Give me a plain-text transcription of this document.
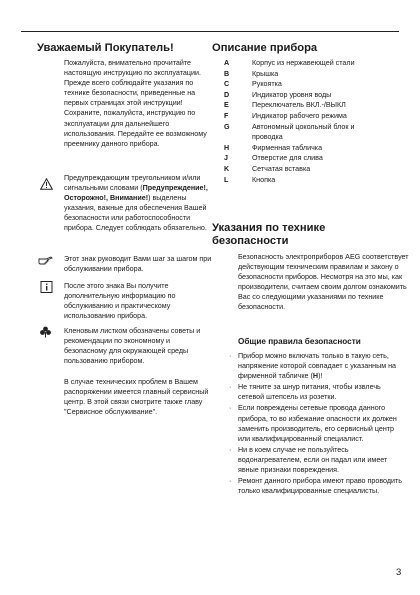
Уважаемый Покупатель!

Пожалуйста, внимательно прочитайте настоящую инструкцию по эксплуатации. Прежде всего соблюдайте указания по технике безопасности, приведенные на первых страницах этой инструкции! Сохраните, пожалуйста, инструкцию по эксплуатации для дальнейшего использования. Передайте ее возможному преемнику данного прибора.

Предупреждающим треугольником и/или сигнальными словами (Предупреждение!, Осторожно!, Внимание!) выделены указания, важные для обеспечения Вашей безопасности или работоспособности прибора. Следует соблюдать обязательно.

Этот знак руководит Вами шаг за шагом при обслуживании прибора.

После этого знака Вы получите дополнительную информацию по обслуживанию и практическому использованию прибора.

Кленовым листком обозначены советы и рекомендации по экономному и безопасному для окружающей среды пользованию прибором.

В случае технических проблем в Вашем распоряжении имеется главный сервисный центр. В этой связи смотрите также главу "Сервисное обслуживание".

Описание прибора
A	Корпус из нержавеющей стали
B	Крышка
C	Рукоятка
D	Индикатор уровня воды
E	Переключатель ВКЛ.-/ВЫКЛ
F	Индикатор рабочего режима
G	Автономный цокольный блок и проводка
H	Фирменная табличка
J	Отверстие для слива
K	Сетчатая вставка
L	Кнопка
Указания по технике безопасности

Безопасность электроприборов AEG соответствует действующим техническим правилам и закону о безопасности приборов. Несмотря на это мы, как производители, считаем своим долгом ознакомить Вас со следующими указаниями по технике безопасности.

Общие правила безопасности
· Прибор можно включать только в такую сеть, напряжение которой совпадает с указанным на фирменной табличке (H)!
· Не тяните за шнур питания, чтобы извлечь сетевой штепсель из розетки.
· Если повреждены сетевые провода данного прибора, то во избежание опасности их должен заменить производитель, его сервисный центр или квалифицированный специалист.
· Ни в коем случае не пользуйтесь водонагревателем, если он падал или имеет явные признаки повреждения.
· Ремонт данного прибора имеют право проводить только квалифицированные специалисты.
3
